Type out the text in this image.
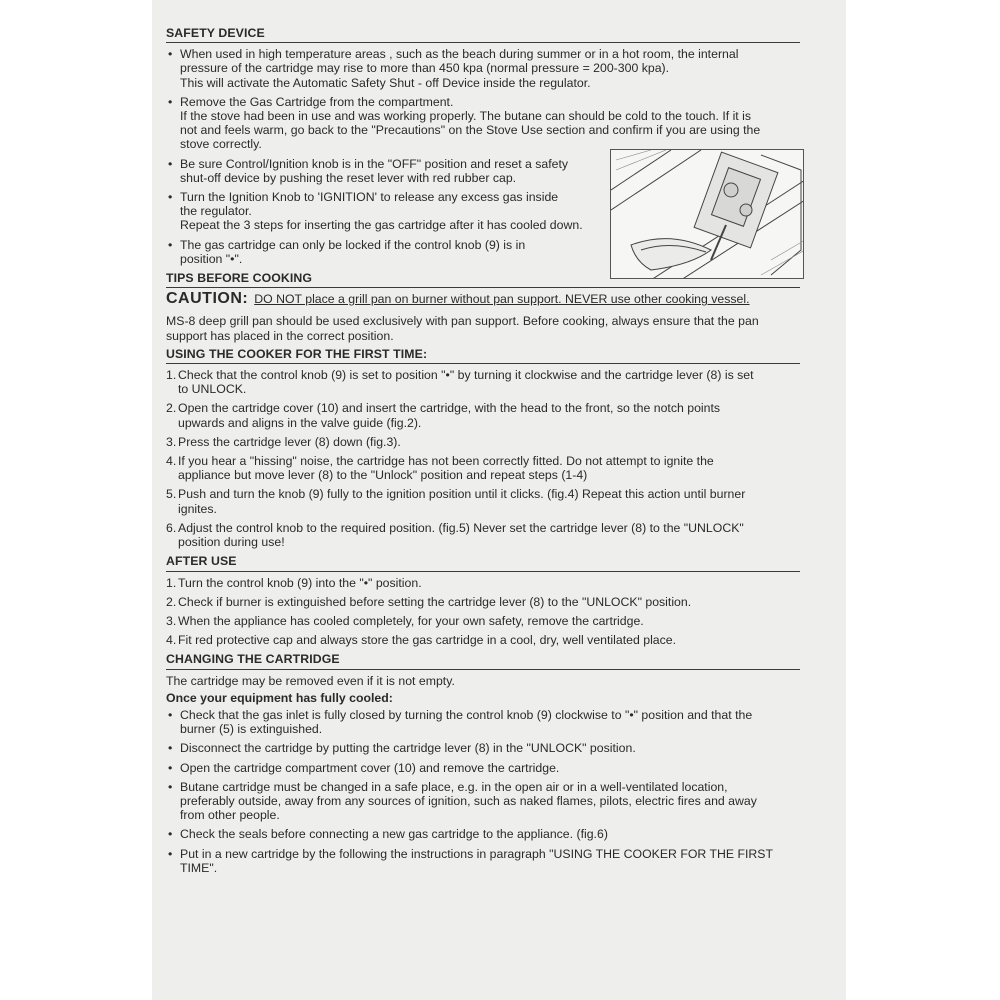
SAFETY DEVICE
• When used in high temperature areas , such as the beach during summer or in a hot room, the internal
pressure of the cartridge may rise to more than 450 kpa (normal pressure = 200-300 kpa).
This will activate the Automatic Safety Shut - off Device inside the regulator.
• Remove the Gas Cartridge from the compartment.
If the stove had been in use and was working properly. The butane can should be cold to the touch. If it is
not and feels warm, go back to the "Precautions" on the Stove Use section and confirm if you are using the
stove correctly.
• Be sure Control/Ignition knob is in the "OFF" position and reset a safety
shut-off device by pushing the reset lever with red rubber cap.
• Turn the Ignition Knob to 'IGNITION' to release any excess gas inside
the regulator.
Repeat the 3 steps for inserting the gas cartridge after it has cooled down.
• The gas cartridge can only be locked if the control knob (9) is in
position "•".
TIPS BEFORE COOKING
CAUTION: DO NOT place a grill pan on burner without pan support. NEVER use other cooking vessel.
MS-8 deep grill pan should be used exclusively with pan support. Before cooking, always ensure that the pan
support has placed in the correct position.
USING THE COOKER FOR THE FIRST TIME:
1. Check that the control knob (9) is set to position "•" by turning it clockwise and the cartridge lever (8) is set
to UNLOCK.
2. Open the cartridge cover (10) and insert the cartridge, with the head to the front, so the notch points
upwards and aligns in the valve guide (fig.2).
3. Press the cartridge lever (8) down (fig.3).
4. If you hear a "hissing" noise, the cartridge has not been correctly fitted. Do not attempt to ignite the
appliance but move lever (8) to the "Unlock" position and repeat steps (1-4)
5. Push and turn the knob (9) fully to the ignition position until it clicks. (fig.4) Repeat this action until burner
ignites.
6. Adjust the control knob to the required position. (fig.5) Never set the cartridge lever (8) to the "UNLOCK"
position during use!
AFTER USE
1. Turn the control knob (9) into the "•" position.
2. Check if burner is extinguished before setting the cartridge lever (8) to the "UNLOCK" position.
3. When the appliance has cooled completely, for your own safety, remove the cartridge.
4. Fit red protective cap and always store the gas cartridge in a cool, dry, well ventilated place.
CHANGING THE CARTRIDGE
The cartridge may be removed even if it is not empty.
Once your equipment has fully cooled:
• Check that the gas inlet is fully closed by turning the control knob (9) clockwise to "•" position and that the
burner (5) is extinguished.
• Disconnect the cartridge by putting the cartridge lever (8) in the "UNLOCK" position.
• Open the cartridge compartment cover (10) and remove the cartridge.
• Butane cartridge must be changed in a safe place, e.g. in the open air or in a well-ventilated location,
preferably outside, away from any sources of ignition, such as naked flames, pilots, electric fires and away
from other people.
• Check the seals before connecting a new gas cartridge to the appliance. (fig.6)
• Put in a new cartridge by the following the instructions in paragraph "USING THE COOKER FOR THE FIRST TIME".
